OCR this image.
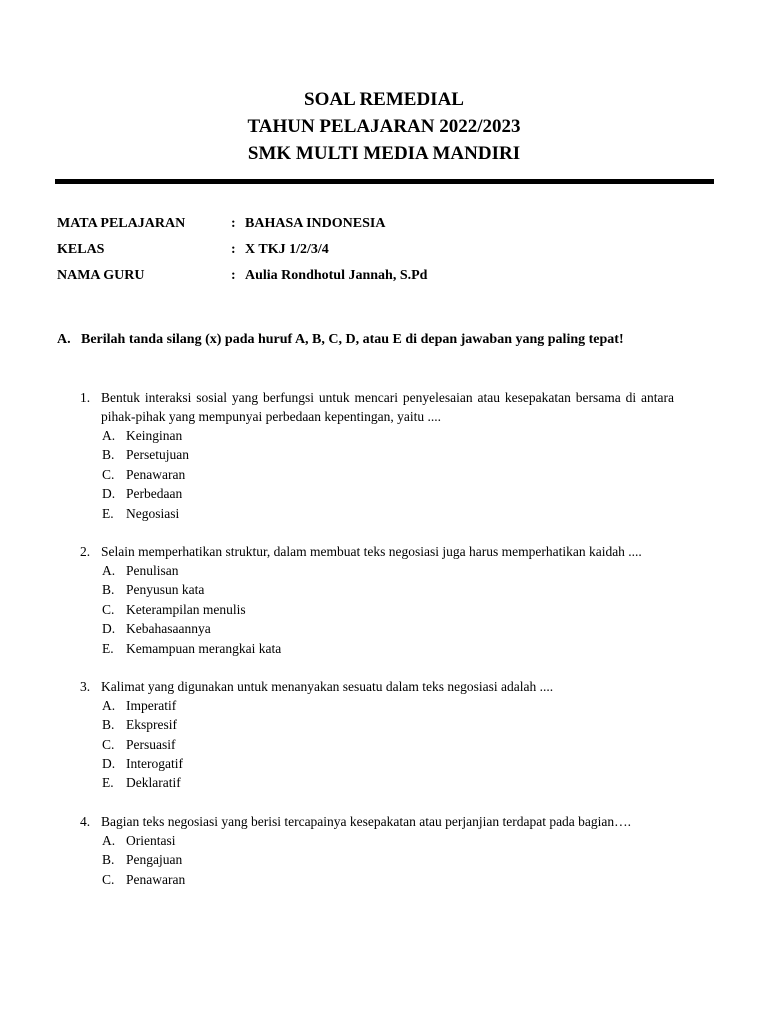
SOAL REMEDIAL
TAHUN PELAJARAN 2022/2023
SMK MULTI MEDIA MANDIRI
MATA PELAJARAN	: BAHASA INDONESIA
KELAS	: X TKJ 1/2/3/4
NAMA GURU	: Aulia Rondhotul Jannah, S.Pd
A. Berilah tanda silang (x) pada huruf A, B, C, D, atau E di depan jawaban yang paling tepat!
1. Bentuk interaksi sosial yang berfungsi untuk mencari penyelesaian atau kesepakatan bersama di antara pihak-pihak yang mempunyai perbedaan kepentingan, yaitu ....
A. Keinginan
B. Persetujuan
C. Penawaran
D. Perbedaan
E. Negosiasi
2. Selain memperhatikan struktur, dalam membuat teks negosiasi juga harus memperhatikan kaidah ....
A. Penulisan
B. Penyusun kata
C. Keterampilan menulis
D. Kebahasaannya
E. Kemampuan merangkai kata
3. Kalimat yang digunakan untuk menanyakan sesuatu dalam teks negosiasi adalah ....
A. Imperatif
B. Ekspresif
C. Persuasif
D. Interogatif
E. Deklaratif
4. Bagian teks negosiasi yang berisi tercapainya kesepakatan atau perjanjian terdapat pada bagian….
A. Orientasi
B. Pengajuan
C. Penawaran
